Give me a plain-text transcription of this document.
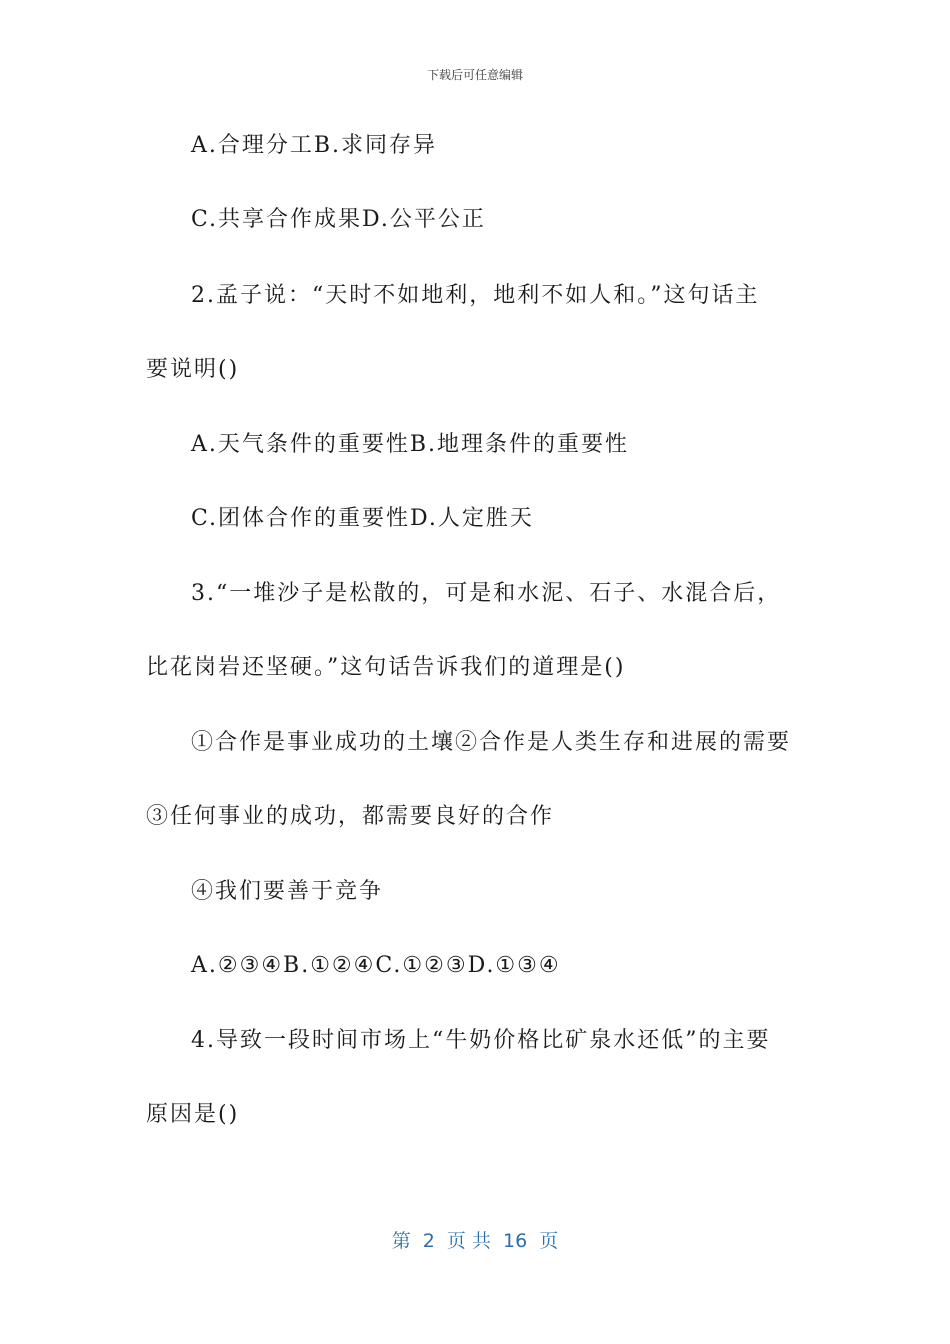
下载后可任意编辑
A.合理分工B.求同存异
C.共享合作成果D.公平公正
2.孟子说：“天时不如地利，地利不如人和。”这句话主
要说明()
A.天气条件的重要性B.地理条件的重要性
C.团体合作的重要性D.人定胜天
3.“一堆沙子是松散的，可是和水泥、石子、水混合后，
比花岗岩还坚硬。”这句话告诉我们的道理是()
①合作是事业成功的土壤②合作是人类生存和进展的需要
③任何事业的成功，都需要良好的合作
④我们要善于竞争
A.②③④B.①②④C.①②③D.①③④
4.导致一段时间市场上“牛奶价格比矿泉水还低”的主要
原因是()
第  2  页 共  16  页
